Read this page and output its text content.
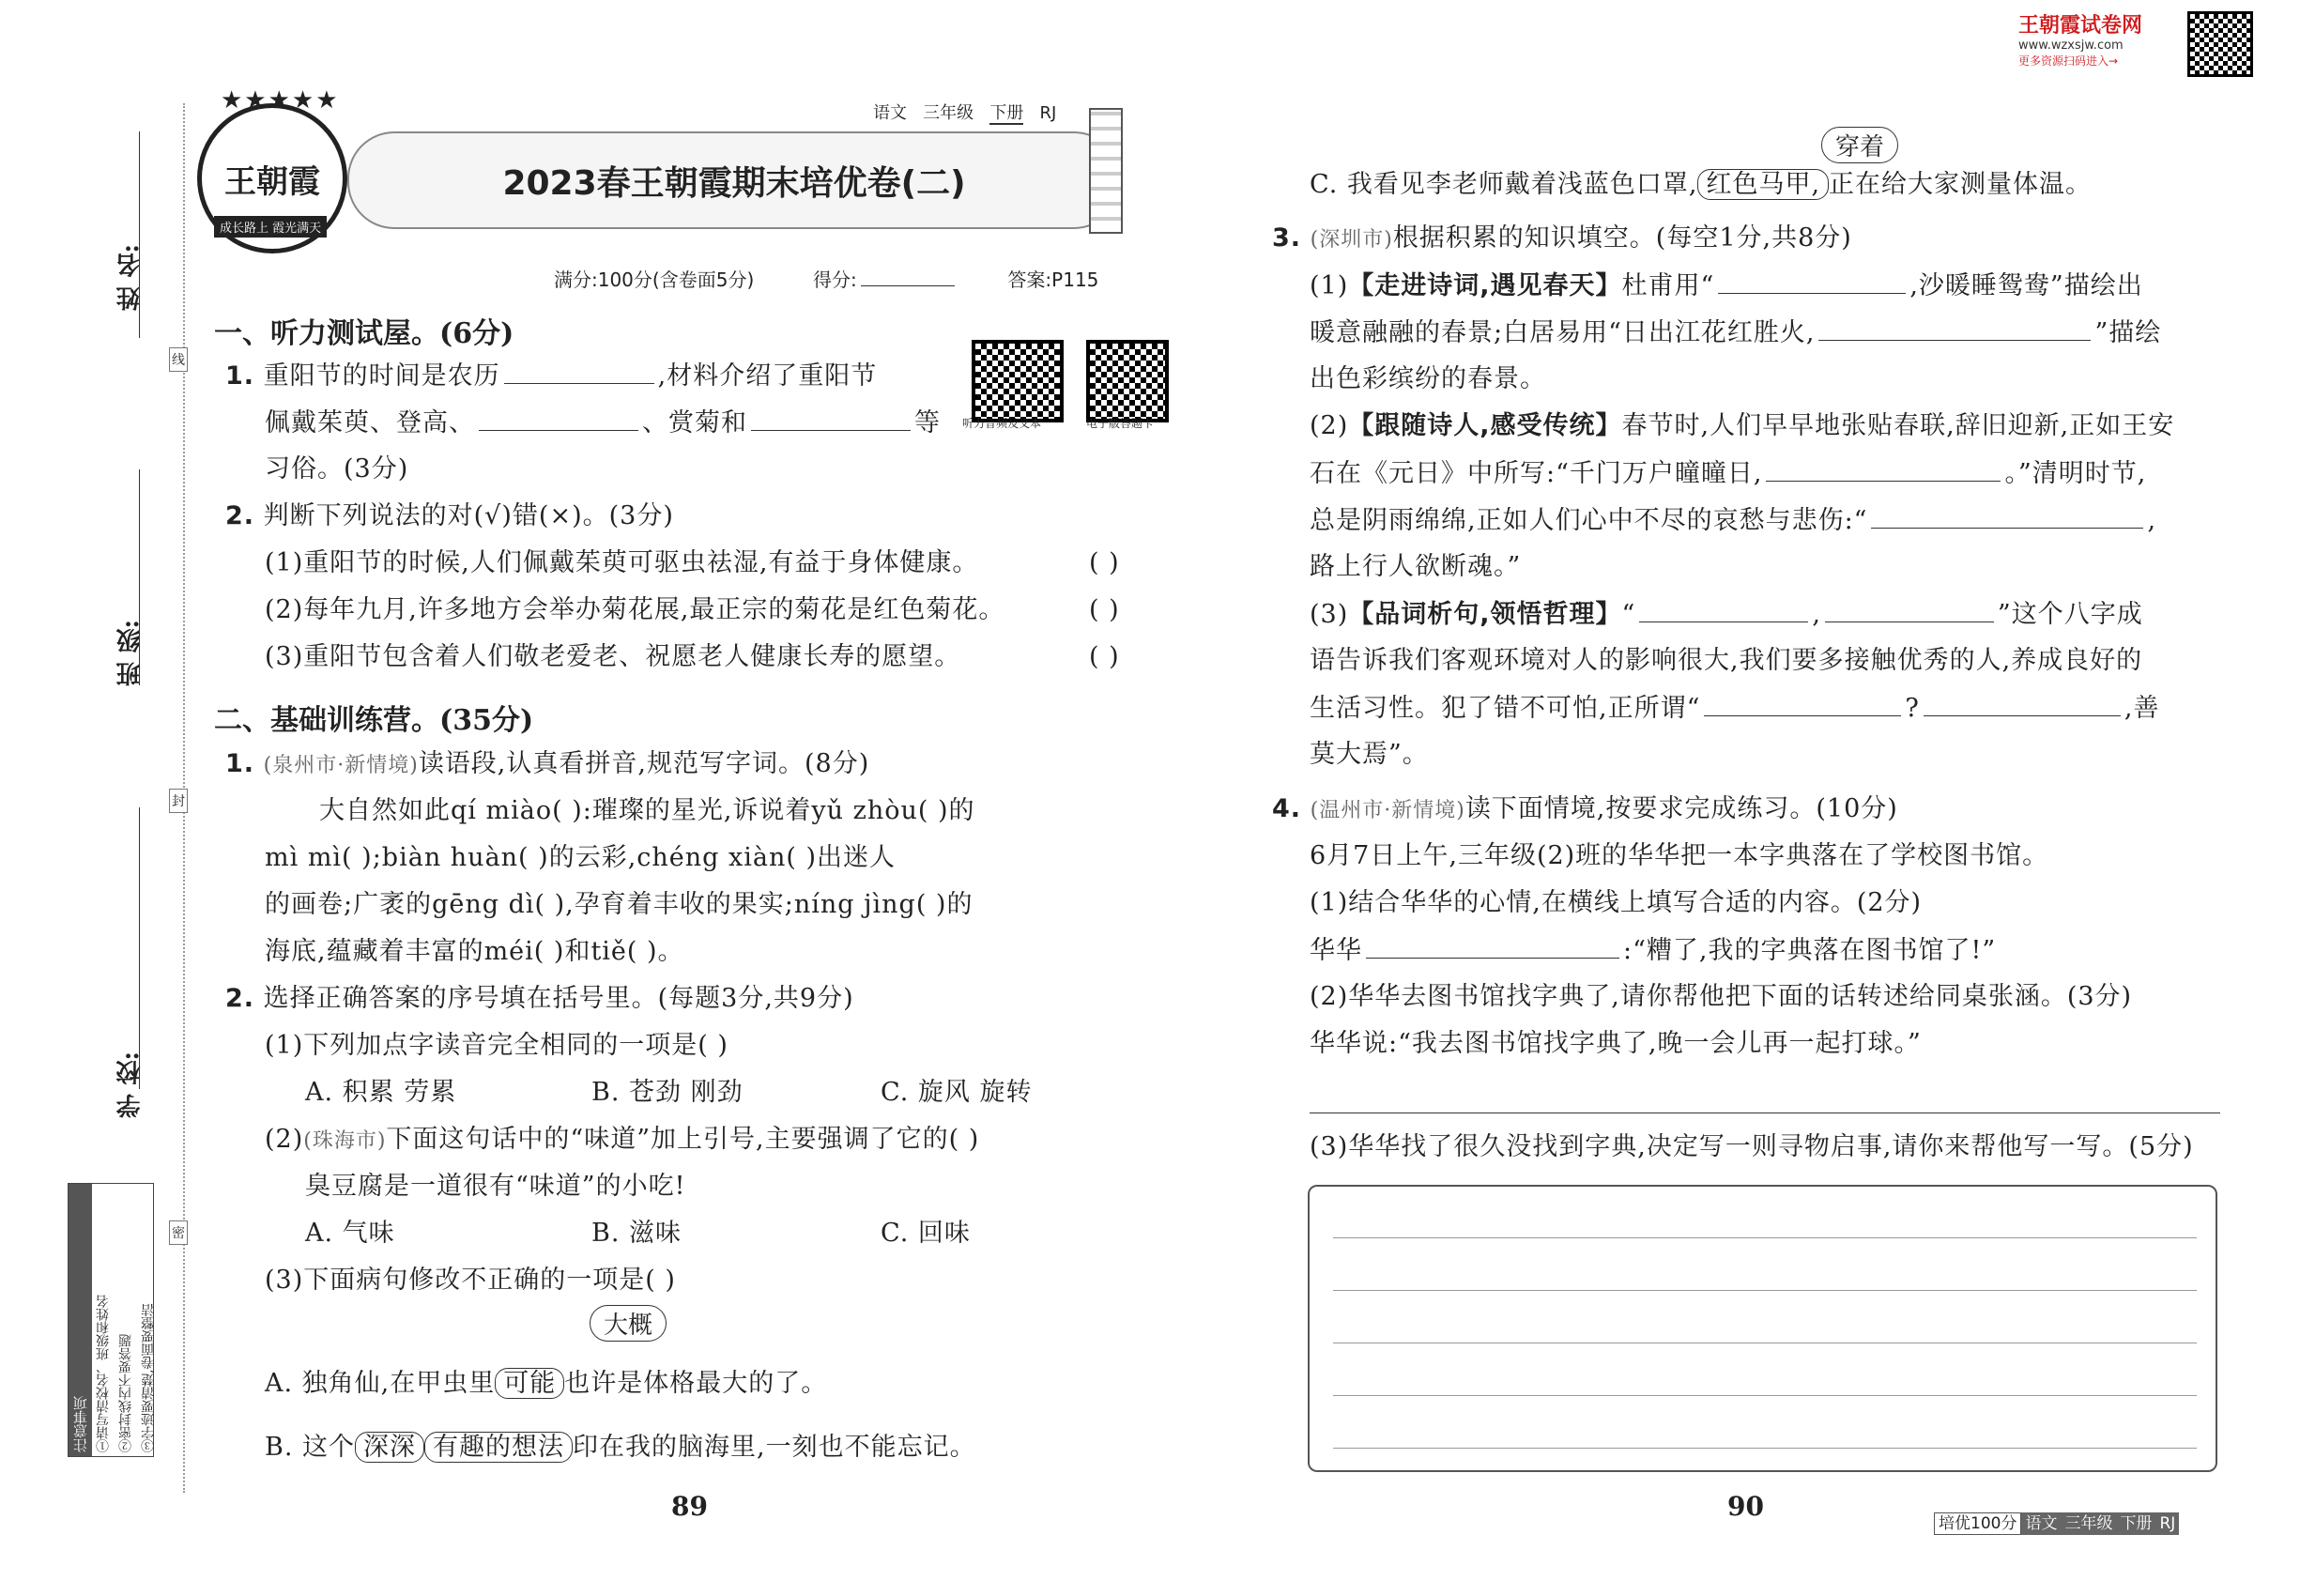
姓 名:
班 级:
学 校:
线
封
密
注意事项 ①请写清校名、班级和姓名 ②密封线内不要答题 ③字迹要清楚,卷面要整洁
王朝霞
★★★★★
成长路上 霞光满天
语文 三年级 下册 RJ
2023春王朝霞期末培优卷(二)
满分:100分(含卷面5分)	得分:	答案:P115
听力音频及文本	电子版答题卡
王朝霞试卷网
www.wzxsjw.com
更多资源扫码进入→
一、听力测试屋。(6分)
1. 重阳节的时间是农历	,材料介绍了重阳节
佩戴茱萸、登高、	、赏菊和	等
习俗。(3分)
2. 判断下列说法的对(√)错(×)。(3分)
(1)重阳节的时候,人们佩戴茱萸可驱虫祛湿,有益于身体健康。	( )
(2)每年九月,许多地方会举办菊花展,最正宗的菊花是红色菊花。	( )
(3)重阳节包含着人们敬老爱老、祝愿老人健康长寿的愿望。	( )
二、基础训练营。(35分)
1. (泉州市·新情境)读语段,认真看拼音,规范写字词。(8分)
大自然如此qí miào( ):璀璨的星光,诉说着yǔ zhòu( )的
mì mì( );biàn huàn( )的云彩,chéng xiàn( )出迷人
的画卷;广袤的gēng dì( ),孕育着丰收的果实;níng jìng( )的
海底,蕴藏着丰富的méi( )和tiě( )。
2. 选择正确答案的序号填在括号里。(每题3分,共9分)
(1)下列加点字读音完全相同的一项是( )
A. 积累 劳累	B. 苍劲 刚劲	C. 旋风 旋转
(2)(珠海市)下面这句话中的“味道”加上引号,主要强调了它的( )
臭豆腐是一道很有“味道”的小吃!
A. 气味	B. 滋味	C. 回味
(3)下面病句修改不正确的一项是( )
大概
A. 独角仙,在甲虫里 可能 也许是体格最大的了。
B. 这个 深深 有趣的想法 印在我的脑海里,一刻也不能忘记。
89
穿着
C. 我看见李老师戴着浅蓝色口罩, 红色马甲, 正在给大家测量体温。
3. (深圳市)根据积累的知识填空。(每空1分,共8分)
(1)【走进诗词,遇见春天】杜甫用“	,沙暖睡鸳鸯”描绘出
暖意融融的春景;白居易用“日出江花红胜火,	”描绘
出色彩缤纷的春景。
(2)【跟随诗人,感受传统】春节时,人们早早地张贴春联,辞旧迎新,正如王安
石在《元日》中所写:“千门万户曈曈日,	。”清明时节,
总是阴雨绵绵,正如人们心中不尽的哀愁与悲伤:“	,
路上行人欲断魂。”
(3)【品词析句,领悟哲理】“	,	”这个八字成
语告诉我们客观环境对人的影响很大,我们要多接触优秀的人,养成良好的
生活习性。犯了错不可怕,正所谓“	?	,善
莫大焉”。
4. (温州市·新情境)读下面情境,按要求完成练习。(10分)
6月7日上午,三年级(2)班的华华把一本字典落在了学校图书馆。
(1)结合华华的心情,在横线上填写合适的内容。(2分)
华华	:“糟了,我的字典落在图书馆了!”
(2)华华去图书馆找字典了,请你帮他把下面的话转述给同桌张涵。(3分)
华华说:“我去图书馆找字典了,晚一会儿再一起打球。”
(3)华华找了很久没找到字典,决定写一则寻物启事,请你来帮他写一写。(5分)
90
培优100分 语文 三年级 下册 RJ
